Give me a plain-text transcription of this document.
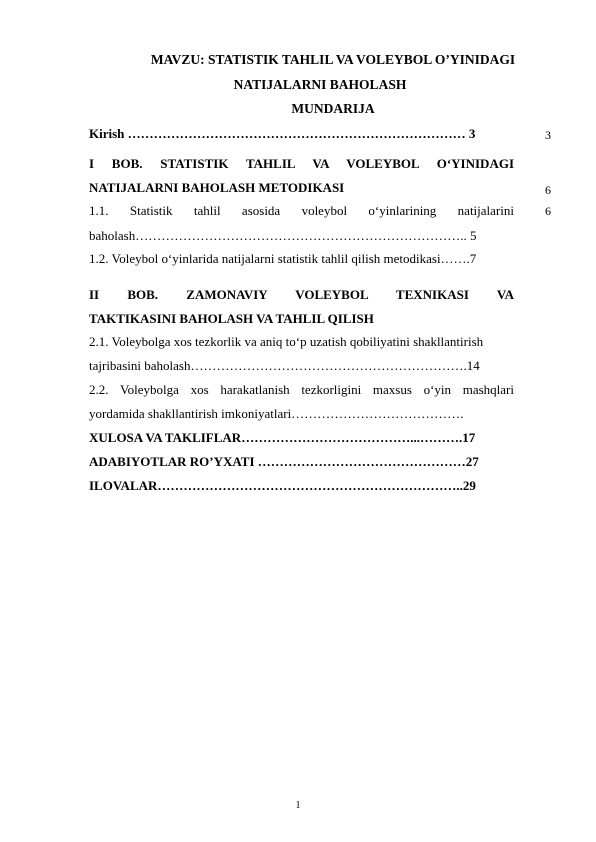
MAVZU: STATISTIK TAHLIL VA VOLEYBOL O’YINIDAGI
NATIJALARNI BAHOLASH
MUNDARIJA
Kirish …………………………………………………………………… 3	3
I BOB. STATISTIK TAHLIL VA VOLEYBOL O‘YINIDAGI
NATIJALARNI BAHOLASH METODIKASI	6
1.1. Statistik tahlil asosida voleybol o‘yinlarining natijalarini	6
baholash………………………………………………………………….. 5
1.2. Voleybol o‘yinlarida natijalarni statistik tahlil qilish metodikasi…….7
II BOB. ZAMONAVIY VOLEYBOL TEXNIKASI VA
TAKTIKASINI BAHOLASH VA TAHLIL QILISH
2.1. Voleybolga xos tezkorlik va aniq to‘p uzatish qobiliyatini shakllantirish
tajribasini baholash……………………………………………………….14
2.2. Voleybolga xos harakatlanish tezkorligini maxsus o‘yin mashqlari
yordamida shakllantirish imkoniyatlari………………………………….
XULOSA VA TAKLIFLAR…………………………………...……….17
ADABIYOTLAR RO’YXATI …………………………………………27
ILOVALAR……………………………………………………………..29
1
